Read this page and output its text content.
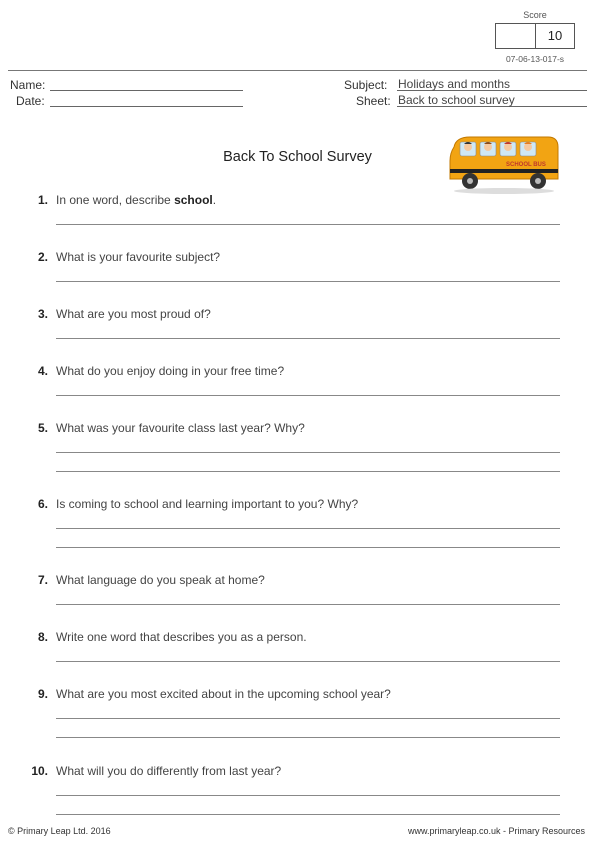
Score
10
07-06-13-017-s
Name:
Date:
Subject: Holidays and months
Sheet: Back to school survey
Back To School Survey	SCHOOL BUS
1. In one word, describe school.
2. What is your favourite subject?
3. What are you most proud of?
4. What do you enjoy doing in your free time?
5. What was your favourite class last year? Why?
6. Is coming to school and learning important to you? Why?
7. What language do you speak at home?
8. Write one word that describes you as a person.
9. What are you most excited about in the upcoming school year?
10. What will you do differently from last year?
© Primary Leap Ltd. 2016	www.primaryleap.co.uk - Primary Resources
